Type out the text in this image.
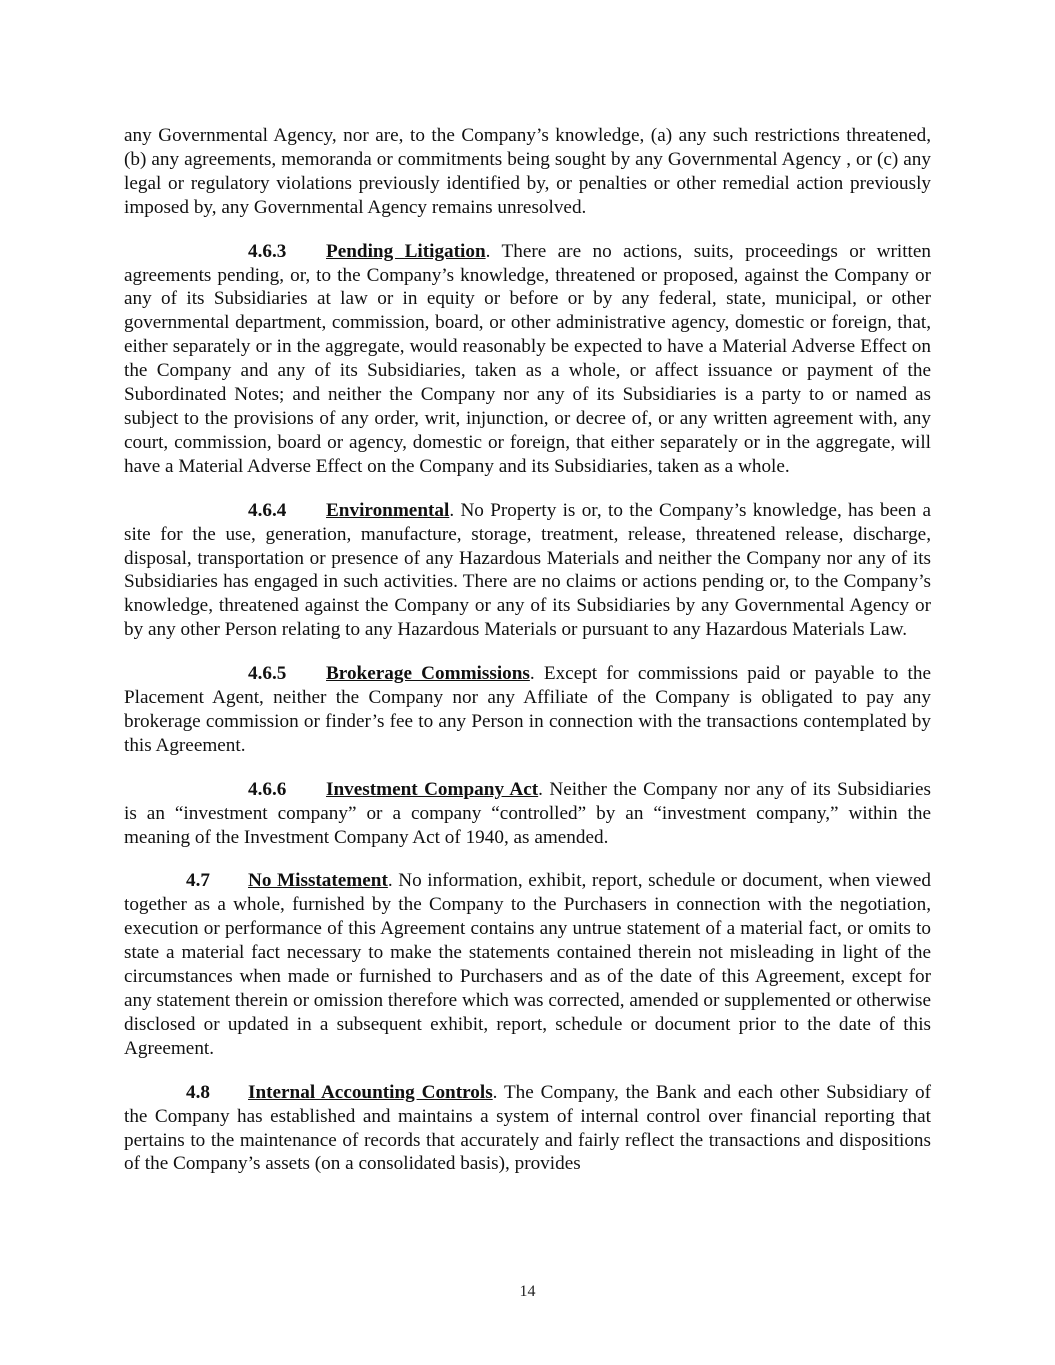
any Governmental Agency, nor are, to the Company’s knowledge, (a) any such restrictions threatened, (b) any agreements, memoranda or commitments being sought by any Governmental Agency , or (c) any legal or regulatory violations previously identified by, or penalties or other remedial action previously imposed by, any Governmental Agency remains unresolved.

4.6.3 Pending Litigation. There are no actions, suits, proceedings or written agreements pending, or, to the Company’s knowledge, threatened or proposed, against the Company or any of its Subsidiaries at law or in equity or before or by any federal, state, municipal, or other governmental department, commission, board, or other administrative agency, domestic or foreign, that, either separately or in the aggregate, would reasonably be expected to have a Material Adverse Effect on the Company and any of its Subsidiaries, taken as a whole, or affect issuance or payment of the Subordinated Notes; and neither the Company nor any of its Subsidiaries is a party to or named as subject to the provisions of any order, writ, injunction, or decree of, or any written agreement with, any court, commission, board or agency, domestic or foreign, that either separately or in the aggregate, will have a Material Adverse Effect on the Company and its Subsidiaries, taken as a whole.

4.6.4 Environmental. No Property is or, to the Company’s knowledge, has been a site for the use, generation, manufacture, storage, treatment, release, threatened release, discharge, disposal, transportation or presence of any Hazardous Materials and neither the Company nor any of its Subsidiaries has engaged in such activities. There are no claims or actions pending or, to the Company’s knowledge, threatened against the Company or any of its Subsidiaries by any Governmental Agency or by any other Person relating to any Hazardous Materials or pursuant to any Hazardous Materials Law.

4.6.5 Brokerage Commissions. Except for commissions paid or payable to the Placement Agent, neither the Company nor any Affiliate of the Company is obligated to pay any brokerage commission or finder’s fee to any Person in connection with the transactions contemplated by this Agreement.

4.6.6 Investment Company Act. Neither the Company nor any of its Subsidiaries is an “investment company” or a company “controlled” by an “investment company,” within the meaning of the Investment Company Act of 1940, as amended.

4.7 No Misstatement. No information, exhibit, report, schedule or document, when viewed together as a whole, furnished by the Company to the Purchasers in connection with the negotiation, execution or performance of this Agreement contains any untrue statement of a material fact, or omits to state a material fact necessary to make the statements contained therein not misleading in light of the circumstances when made or furnished to Purchasers and as of the date of this Agreement, except for any statement therein or omission therefore which was corrected, amended or supplemented or otherwise disclosed or updated in a subsequent exhibit, report, schedule or document prior to the date of this Agreement.

4.8 Internal Accounting Controls. The Company, the Bank and each other Subsidiary of the Company has established and maintains a system of internal control over financial reporting that pertains to the maintenance of records that accurately and fairly reflect the transactions and dispositions of the Company’s assets (on a consolidated basis), provides

14
